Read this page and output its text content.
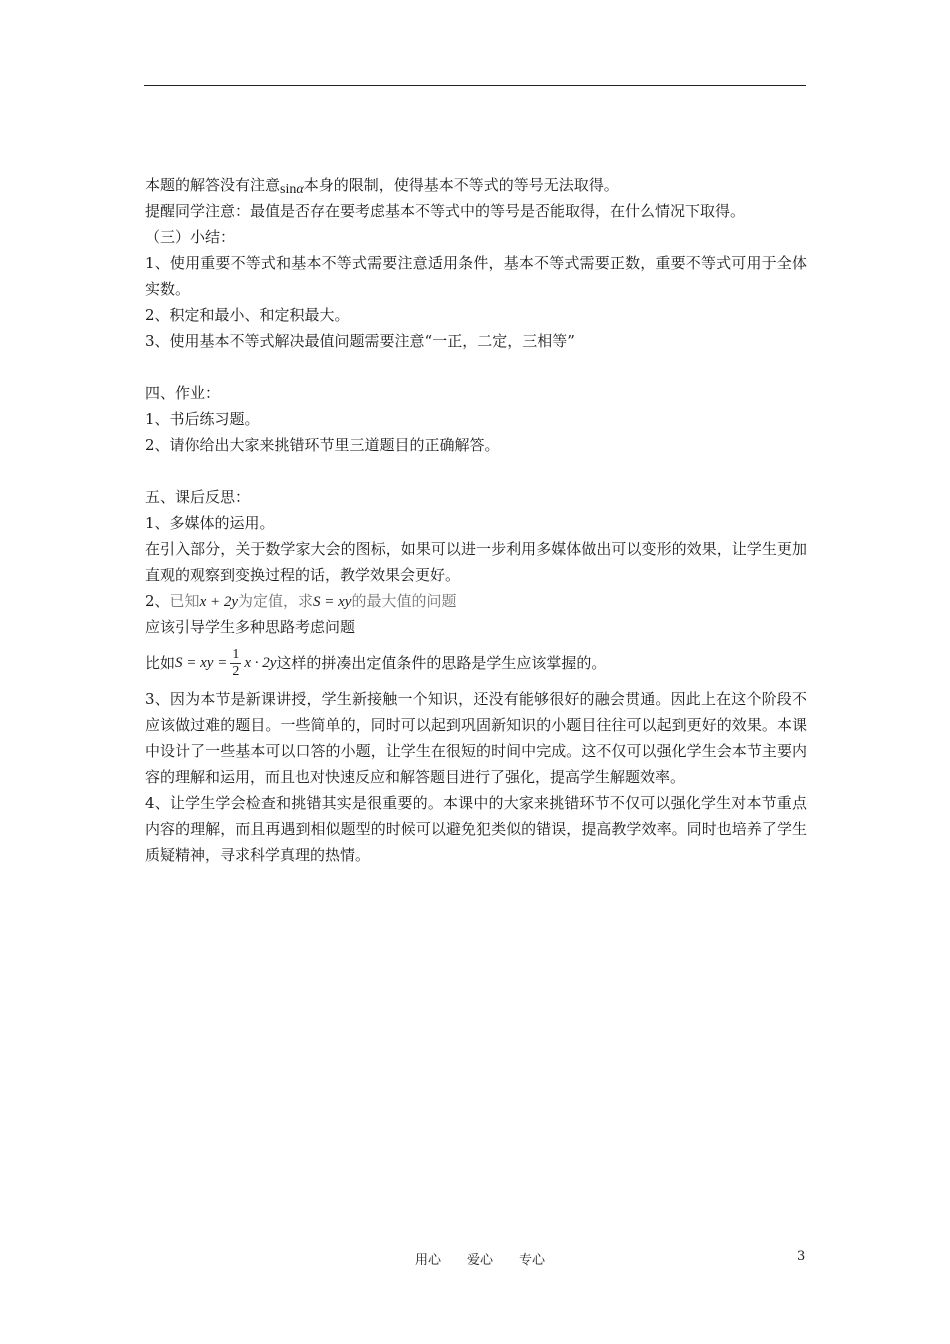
本题的解答没有注意sinα本身的限制，使得基本不等式的等号无法取得。
提醒同学注意：最值是否存在要考虑基本不等式中的等号是否能取得，在什么情况下取得。
（三）小结：
1、使用重要不等式和基本不等式需要注意适用条件，基本不等式需要正数，重要不等式可用于全体实数。
2、积定和最小、和定积最大。
3、使用基本不等式解决最值问题需要注意“一正，二定，三相等”
四、作业：
1、书后练习题。
2、请你给出大家来挑错环节里三道题目的正确解答。
五、课后反思：
1、多媒体的运用。
在引入部分，关于数学家大会的图标，如果可以进一步利用多媒体做出可以变形的效果，让学生更加直观的观察到变换过程的话，教学效果会更好。
2、已知x + 2y为定值，求S = xy的最大值的问题
应该引导学生多种思路考虑问题
比如 S = xy = $\frac{1}{2}$ x · 2y 这样的拼凑出定值条件的思路是学生应该掌握的。
3、因为本节是新课讲授，学生新接触一个知识，还没有能够很好的融会贯通。因此上在这个阶段不应该做过难的题目。一些简单的，同时可以起到巩固新知识的小题目往往可以起到更好的效果。本课中设计了一些基本可以口答的小题，让学生在很短的时间中完成。这不仅可以强化学生会本节主要内容的理解和运用，而且也对快速反应和解答题目进行了强化，提高学生解题效率。
4、让学生学会检查和挑错其实是很重要的。本课中的大家来挑错环节不仅可以强化学生对本节重点内容的理解，而且再遇到相似题型的时候可以避免犯类似的错误，提高教学效率。同时也培养了学生质疑精神，寻求科学真理的热情。
用心　　爱心　　专心	3
